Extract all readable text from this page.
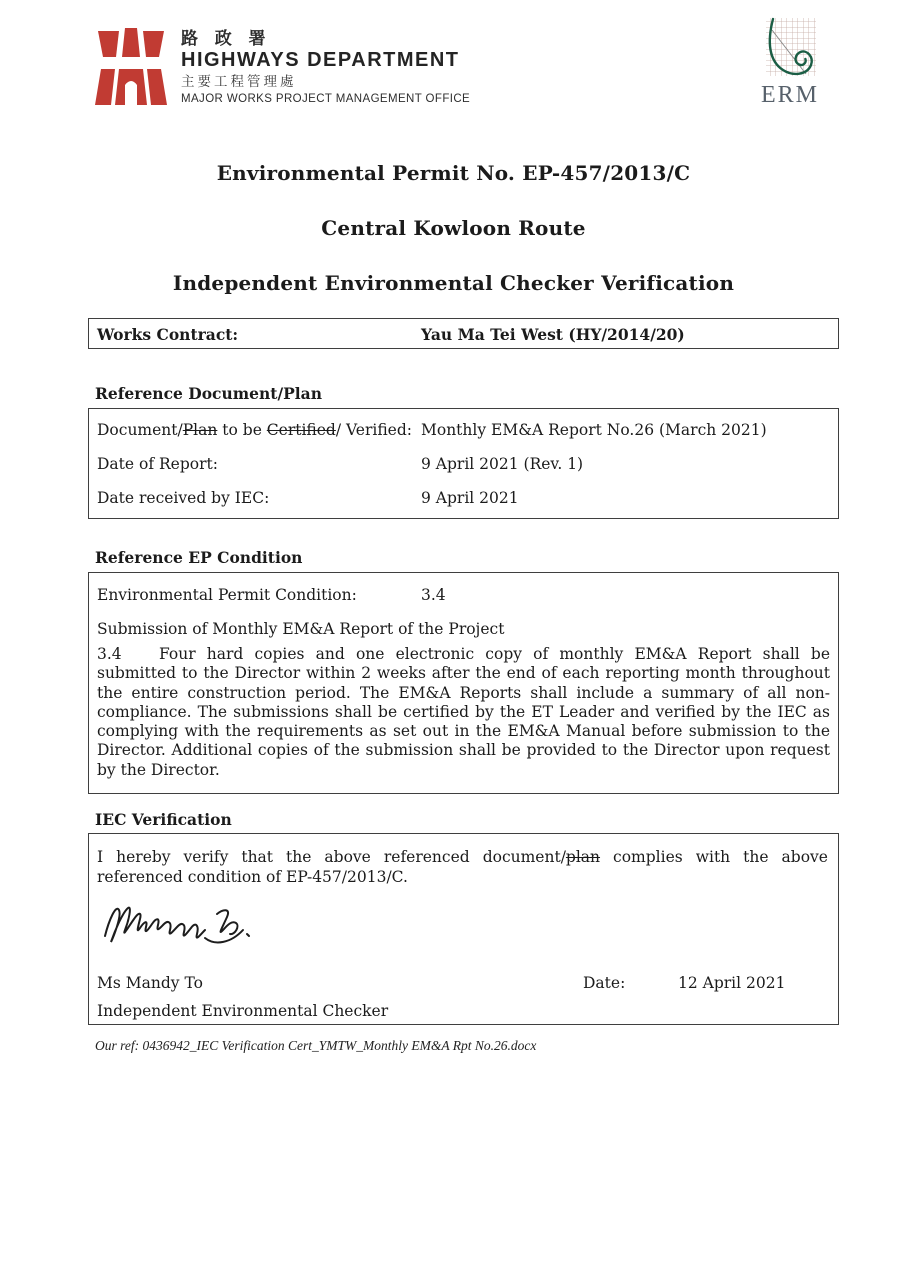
路 政 署
HIGHWAYS DEPARTMENT
主要工程管理處
MAJOR WORKS PROJECT MANAGEMENT OFFICE	ERM
Environmental Permit No. EP-457/2013/C
Central Kowloon Route
Independent Environmental Checker Verification
Works Contract:	Yau Ma Tei West (HY/2014/20)
Reference Document/Plan
Document/Plan to be Certified/ Verified: Monthly EM&A Report No.26 (March 2021)
Date of Report:	9 April 2021 (Rev. 1)
Date received by IEC:	9 April 2021
Reference EP Condition
Environmental Permit Condition:	3.4
Submission of Monthly EM&A Report of the Project
3.4 Four hard copies and one electronic copy of monthly EM&A Report shall be submitted to the Director within 2 weeks after the end of each reporting month throughout the entire construction period. The EM&A Reports shall include a summary of all non-compliance. The submissions shall be certified by the ET Leader and verified by the IEC as complying with the requirements as set out in the EM&A Manual before submission to the Director. Additional copies of the submission shall be provided to the Director upon request by the Director.
IEC Verification
I hereby verify that the above referenced document/plan complies with the above referenced condition of EP-457/2013/C.
Ms Mandy To	Date:	12 April 2021
Independent Environmental Checker
Our ref: 0436942_IEC Verification Cert_YMTW_Monthly EM&A Rpt No.26.docx
